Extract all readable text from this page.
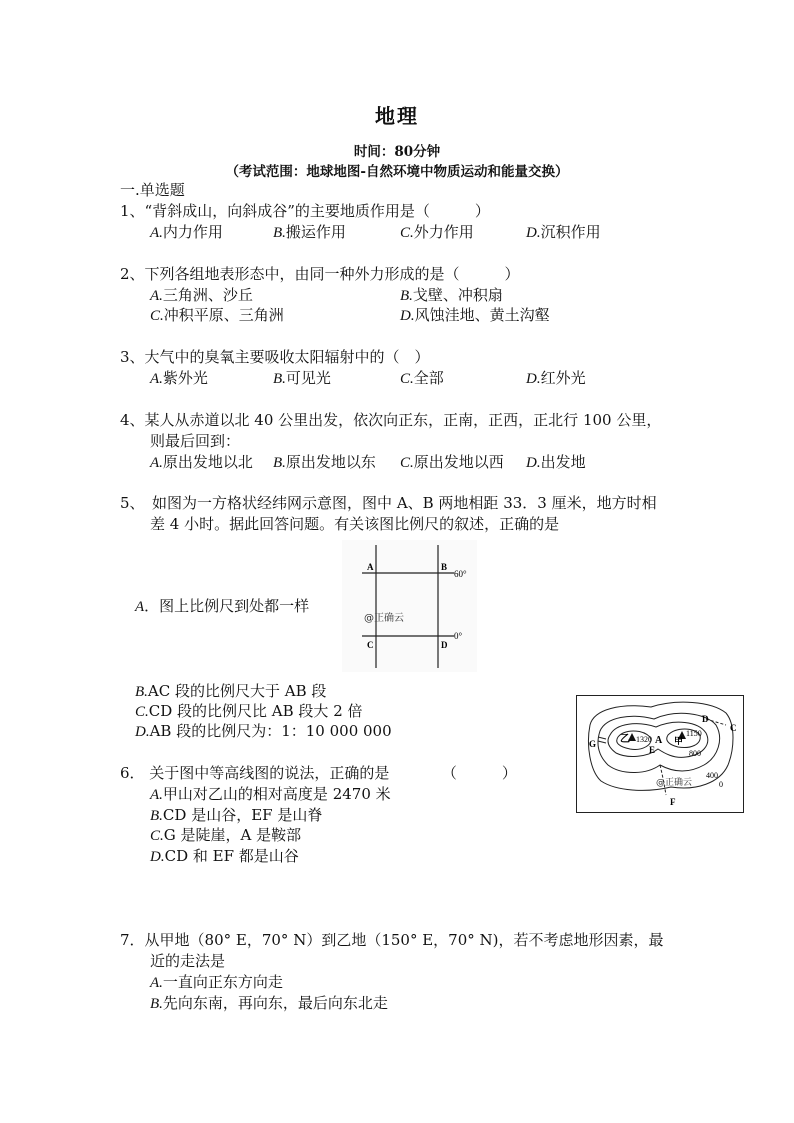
地理
时间：80分钟
（考试范围：地球地图-自然环境中物质运动和能量交换）
一.单选题
1、“背斜成山，向斜成谷”的主要地质作用是（　　　）
A.内力作用	B.搬运作用	C.外力作用	D.沉积作用
2、下列各组地表形态中，由同一种外力形成的是（　　　）
A.三角洲、沙丘	B.戈壁、冲积扇
C.冲积平原、三角洲	D.风蚀洼地、黄土沟壑
3、大气中的臭氧主要吸收太阳辐射中的（　）
A.紫外光	B.可见光	C.全部	D.红外光
4、某人从赤道以北 40 公里出发，依次向正东，正南，正西，正北行 100 公里，
则最后回到：
A.原出发地以北 B.原出发地以东 C.原出发地以西 D.出发地
5、　如图为一方格状经纬网示意图，图中 A、B 两地相距 33．3 厘米，地方时相
差 4 小时。据此回答问题。有关该图比例尺的叙述，正确的是
A	B
C	D
60°
0°
@正确云
A．图上比例尺到处都一样
B.AC 段的比例尺大于 AB 段
C.CD 段的比例尺比 AB 段大 2 倍
D.AB 段的比例尺为：1：10 000 000	乙 1320 A 甲
1150
800
400
0
D
C
E
F
G
@正确云
6． 关于图中等高线图的说法，正确的是　　　　（　　　）
A.甲山对乙山的相对高度是 2470 米
B.CD 是山谷，EF 是山脊
C.G 是陡崖，A 是鞍部
D.CD 和 EF 都是山谷
7．从甲地（80° E，70° N）到乙地（150° E，70° N)，若不考虑地形因素，最
近的走法是
A.一直向正东方向走
B.先向东南，再向东，最后向东北走
